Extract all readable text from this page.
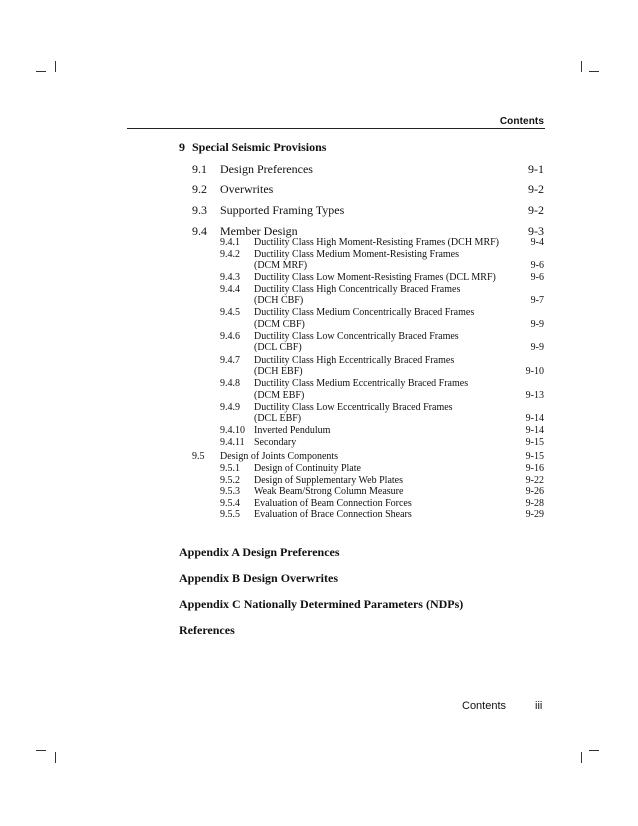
Contents
9 Special Seismic Provisions
9.1 Design Preferences	9-1
9.2 Overwrites	9-2
9.3 Supported Framing Types	9-2
9.4 Member Design	9-3
9.4.1 Ductility Class High Moment-Resisting Frames (DCH MRF)	9-4
9.4.2 Ductility Class Medium Moment-Resisting Frames
(DCM MRF)	9-6
9.4.3 Ductility Class Low Moment-Resisting Frames (DCL MRF)	9-6
9.4.4 Ductility Class High Concentrically Braced Frames
(DCH CBF)	9-7
9.4.5 Ductility Class Medium Concentrically Braced Frames
(DCM CBF)	9-9
9.4.6 Ductility Class Low Concentrically Braced Frames
(DCL CBF)	9-9
9.4.7 Ductility Class High Eccentrically Braced Frames
(DCH EBF)	9-10
9.4.8 Ductility Class Medium Eccentrically Braced Frames
(DCM EBF)	9-13
9.4.9 Ductility Class Low Eccentrically Braced Frames
(DCL EBF)	9-14
9.4.10 Inverted Pendulum	9-14
9.4.11 Secondary	9-15
9.5 Design of Joints Components	9-15
9.5.1 Design of Continuity Plate	9-16
9.5.2 Design of Supplementary Web Plates	9-22
9.5.3 Weak Beam/Strong Column Measure	9-26
9.5.4 Evaluation of Beam Connection Forces	9-28
9.5.5 Evaluation of Brace Connection Shears	9-29
Appendix A Design Preferences
Appendix B Design Overwrites
Appendix C Nationally Determined Parameters (NDPs)
References
Contents	iii
